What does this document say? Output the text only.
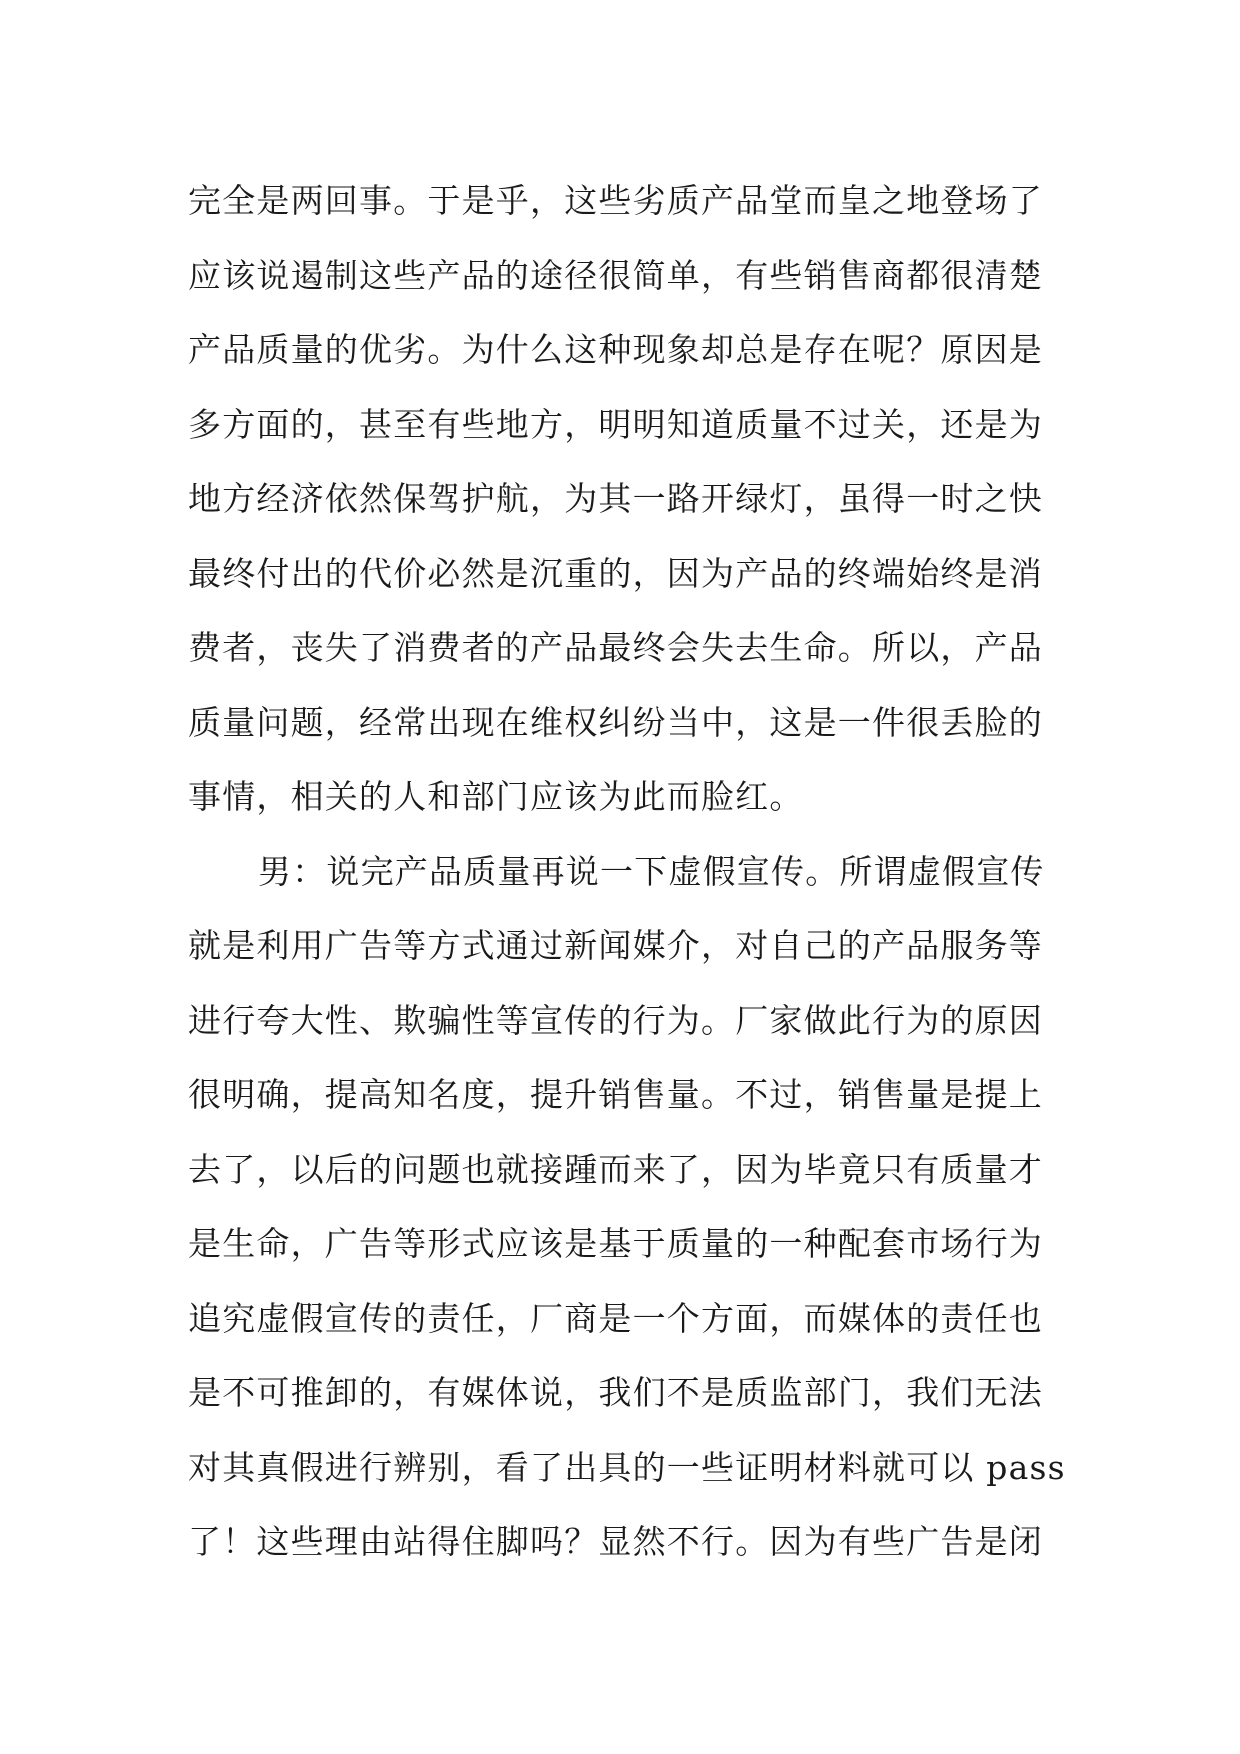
完全是两回事。于是乎，这些劣质产品堂而皇之地登场了
应该说遏制这些产品的途径很简单，有些销售商都很清楚
产品质量的优劣。为什么这种现象却总是存在呢？原因是
多方面的，甚至有些地方，明明知道质量不过关，还是为
地方经济依然保驾护航，为其一路开绿灯，虽得一时之快
最终付出的代价必然是沉重的，因为产品的终端始终是消
费者，丧失了消费者的产品最终会失去生命。所以，产品
质量问题，经常出现在维权纠纷当中，这是一件很丢脸的
事情，相关的人和部门应该为此而脸红。
男：说完产品质量再说一下虚假宣传。所谓虚假宣传
就是利用广告等方式通过新闻媒介，对自己的产品服务等
进行夸大性、欺骗性等宣传的行为。厂家做此行为的原因
很明确，提高知名度，提升销售量。不过，销售量是提上
去了，以后的问题也就接踵而来了，因为毕竟只有质量才
是生命，广告等形式应该是基于质量的一种配套市场行为
追究虚假宣传的责任，厂商是一个方面，而媒体的责任也
是不可推卸的，有媒体说，我们不是质监部门，我们无法
对其真假进行辨别，看了出具的一些证明材料就可以 pass
了！这些理由站得住脚吗？显然不行。因为有些广告是闭
